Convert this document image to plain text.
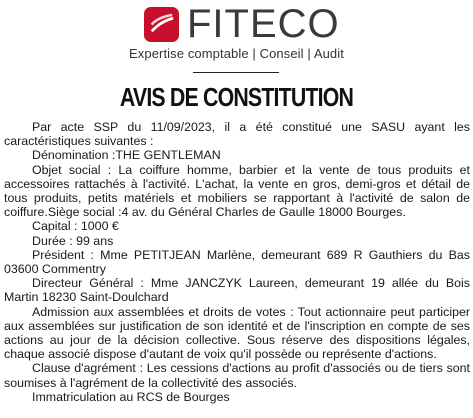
FITECO
Expertise comptable | Conseil | Audit
AVIS DE CONSTITUTION

Par acte SSP du 11/09/2023, il a été constitué une SASU ayant les caractéristiques suivantes :

Dénomination :THE GENTLEMAN

Objet social : La coiffure homme, barbier et la vente de tous produits et accessoires rattachés à l'activité. L'achat, la vente en gros, demi-gros et détail de tous produits, petits matériels et mobiliers se rapportant à l'activité de salon de coiffure.Siège social :4 av. du Général Charles de Gaulle 18000 Bourges.

Capital : 1000 €

Durée : 99 ans

Président : Mme PETITJEAN Marlène, demeurant 689 R Gauthiers du Bas 03600 Commentry

Directeur Général : Mme JANCZYK Laureen, demeurant 19 allée du Bois Martin 18230 Saint-Doulchard

Admission aux assemblées et droits de votes : Tout actionnaire peut participer aux assemblées sur justification de son identité et de l'inscription en compte de ses actions au jour de la décision collective. Sous réserve des dispositions légales, chaque associé dispose d'autant de voix qu'il possède ou représente d'actions.

Clause d'agrément : Les cessions d'actions au profit d'associés ou de tiers sont soumises à l'agrément de la collectivité des associés.

Immatriculation au RCS de Bourges
